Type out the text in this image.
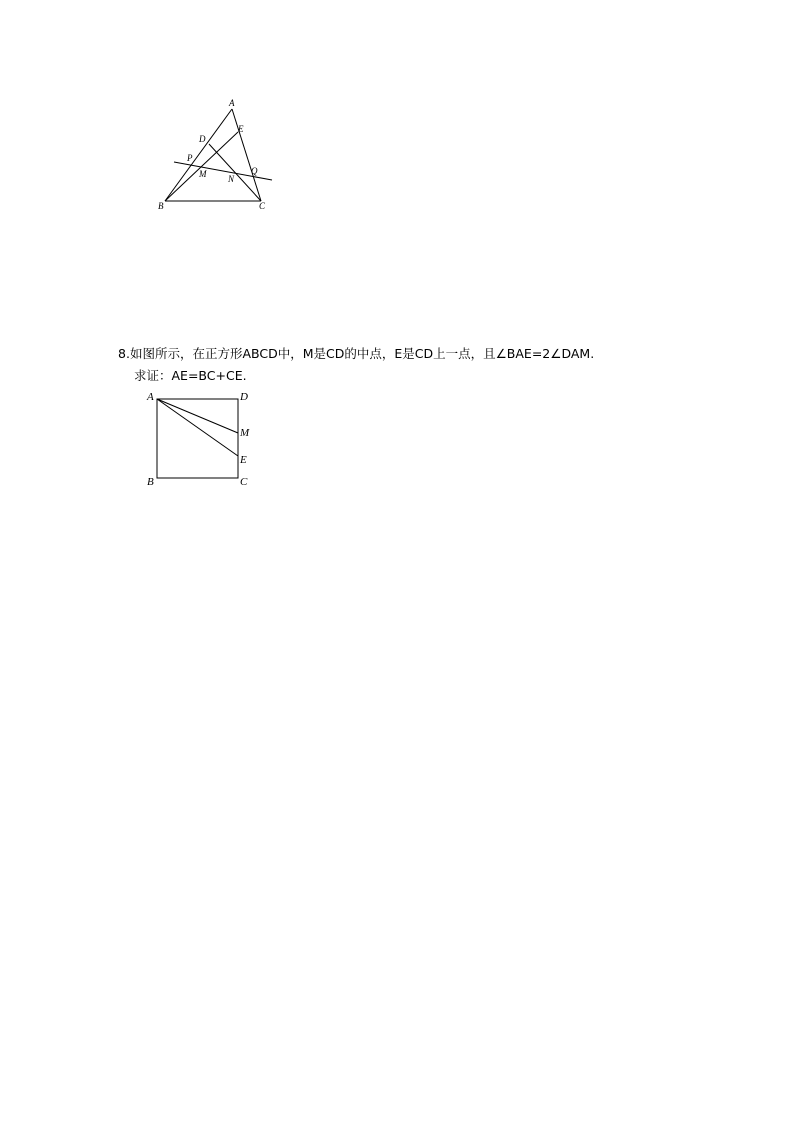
A
B	C
D
E
P
M N
Q
8.如图所示，在正方形ABCD中，M是CD的中点，E是CD上一点，且∠BAE=2∠DAM.
求证：AE=BC+CE.
A	D
M
E
B	C
